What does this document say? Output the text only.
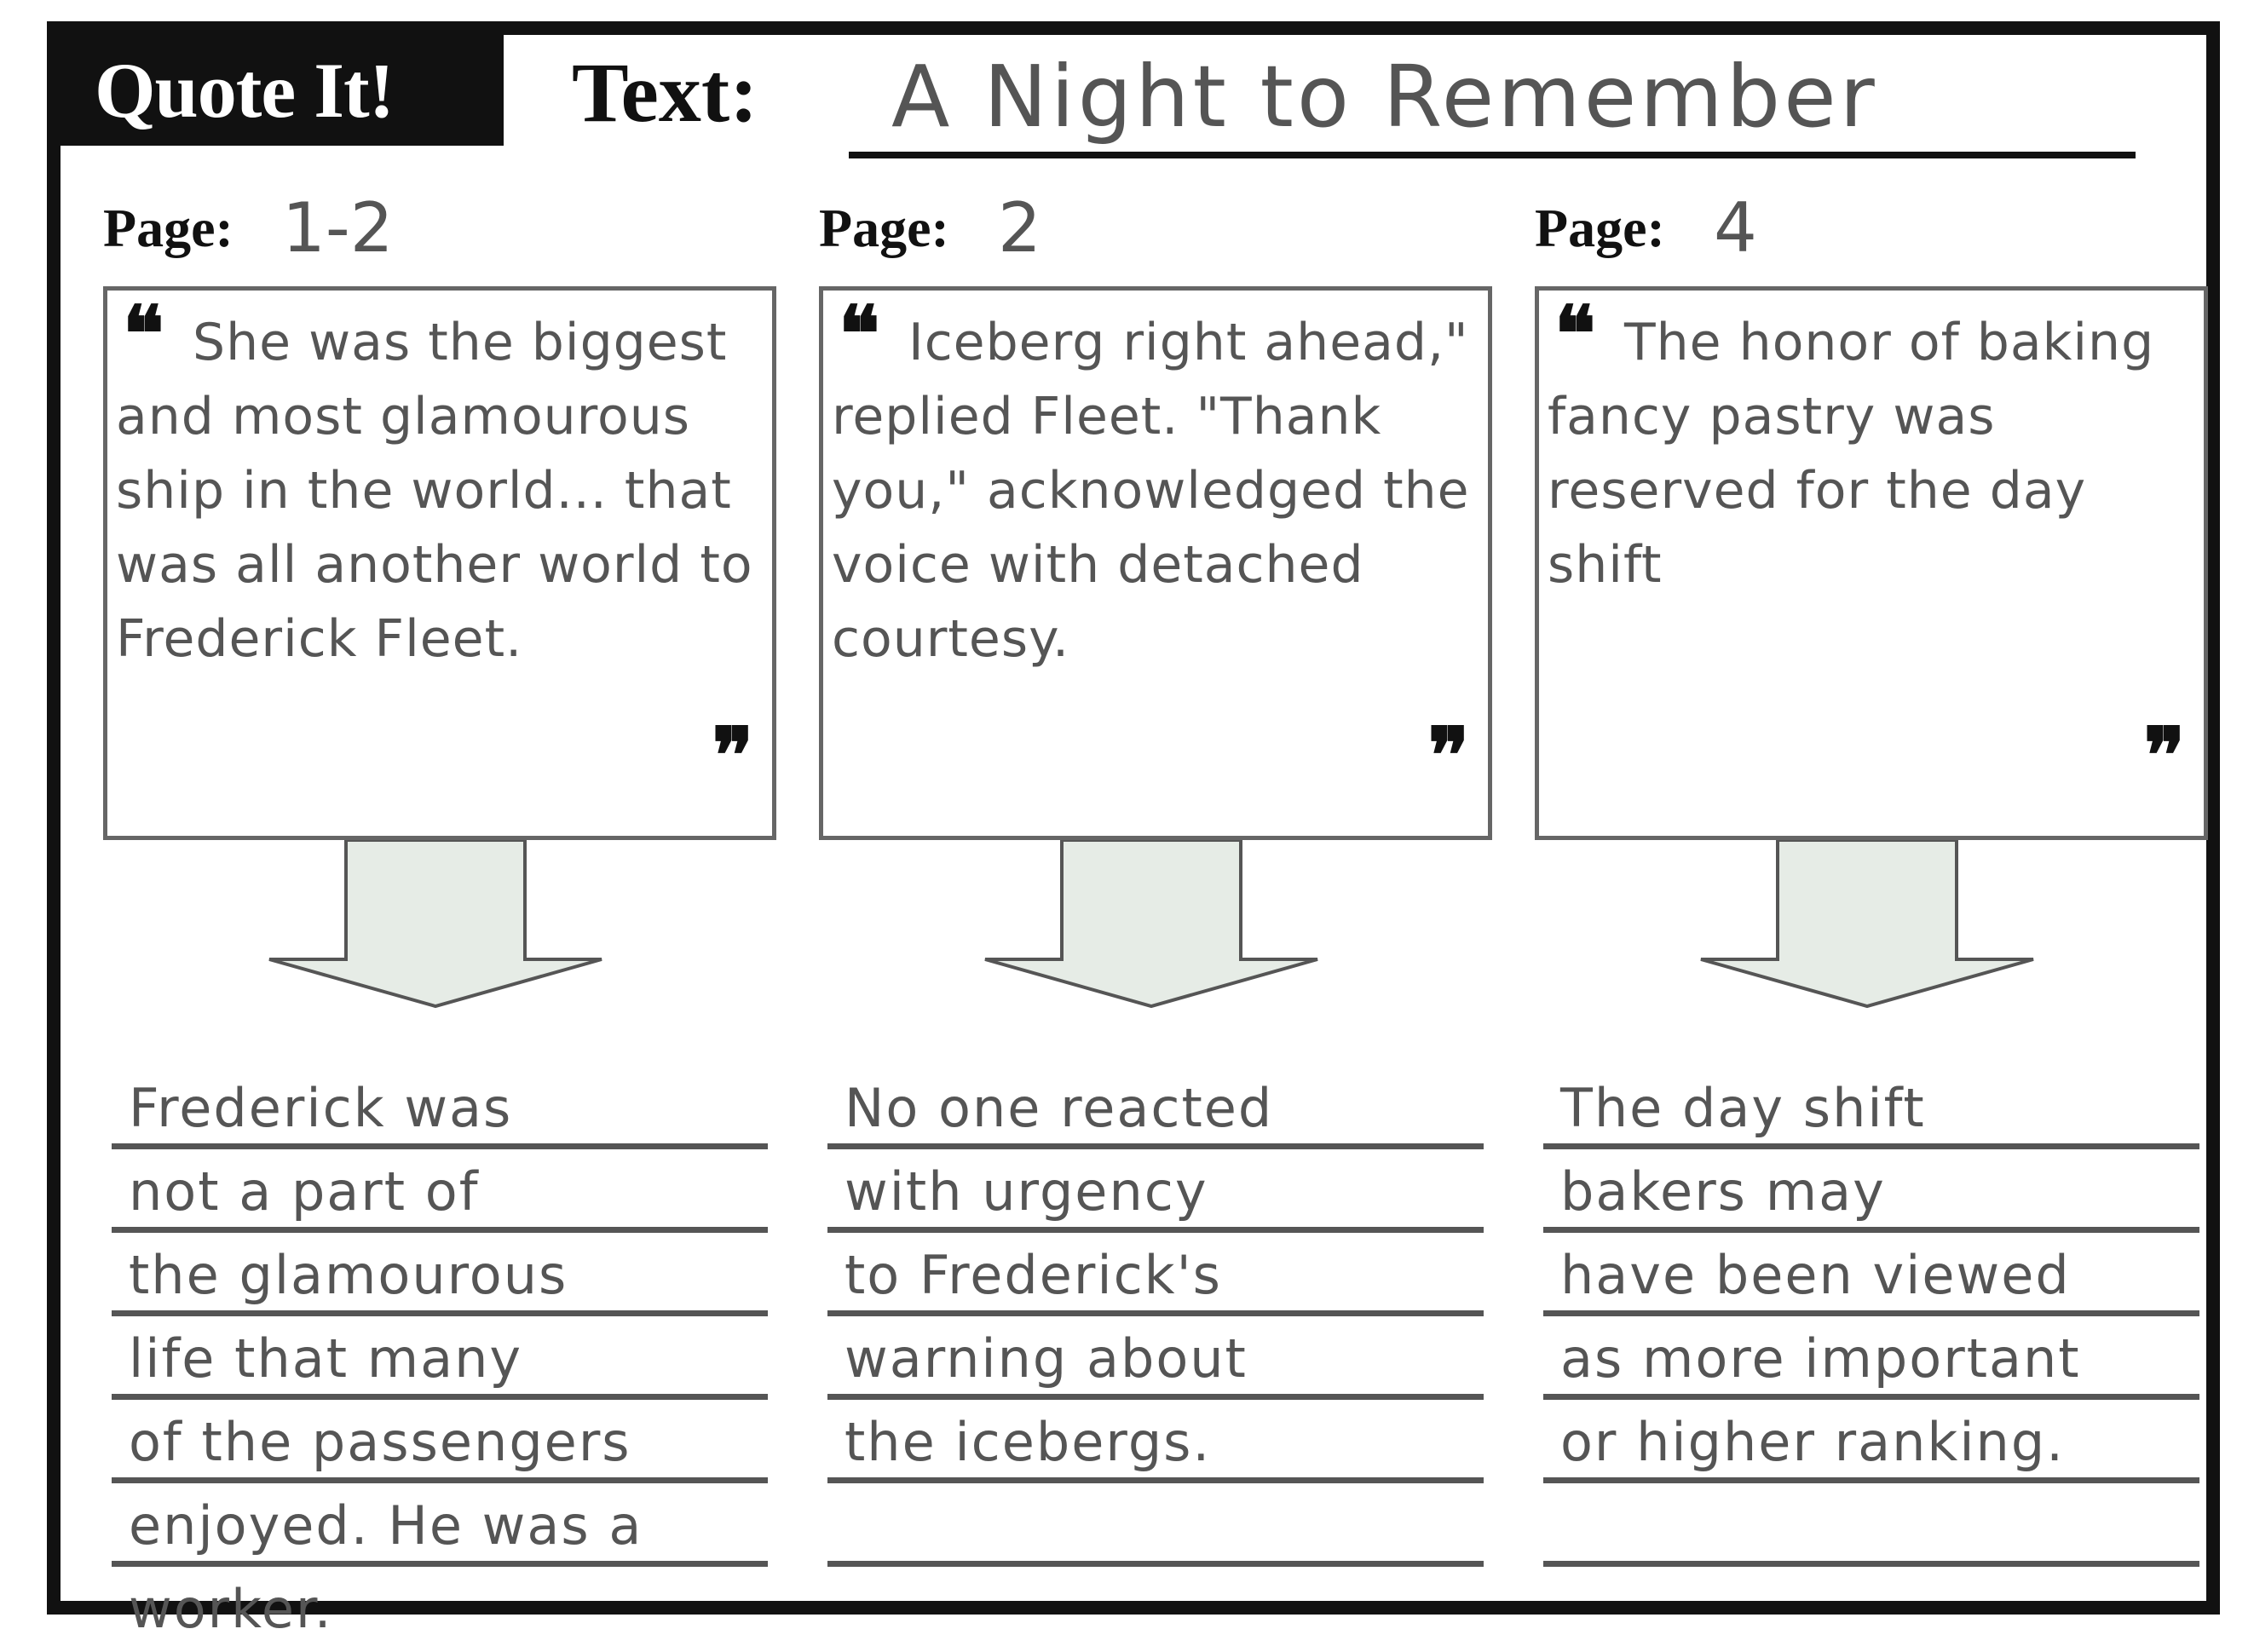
Quote It!	Text:	A Night to Remember
Page: 1-2
❝ She was the biggest and most glamourous ship in the world... that was all another world to Frederick Fleet.
❞
Frederick was
not a part of
the glamourous
life that many
of the passengers
enjoyed. He was a
worker.
Page: 2
❝ Iceberg right ahead," replied Fleet. "Thank you," acknowledged the voice with detached courtesy.
❞
No one reacted
with urgency
to Frederick's
warning about
the icebergs.
Page: 4
❝ The honor of baking fancy pastry was reserved for the day shift
❞
The day shift
bakers may
have been viewed
as more important
or higher ranking.
